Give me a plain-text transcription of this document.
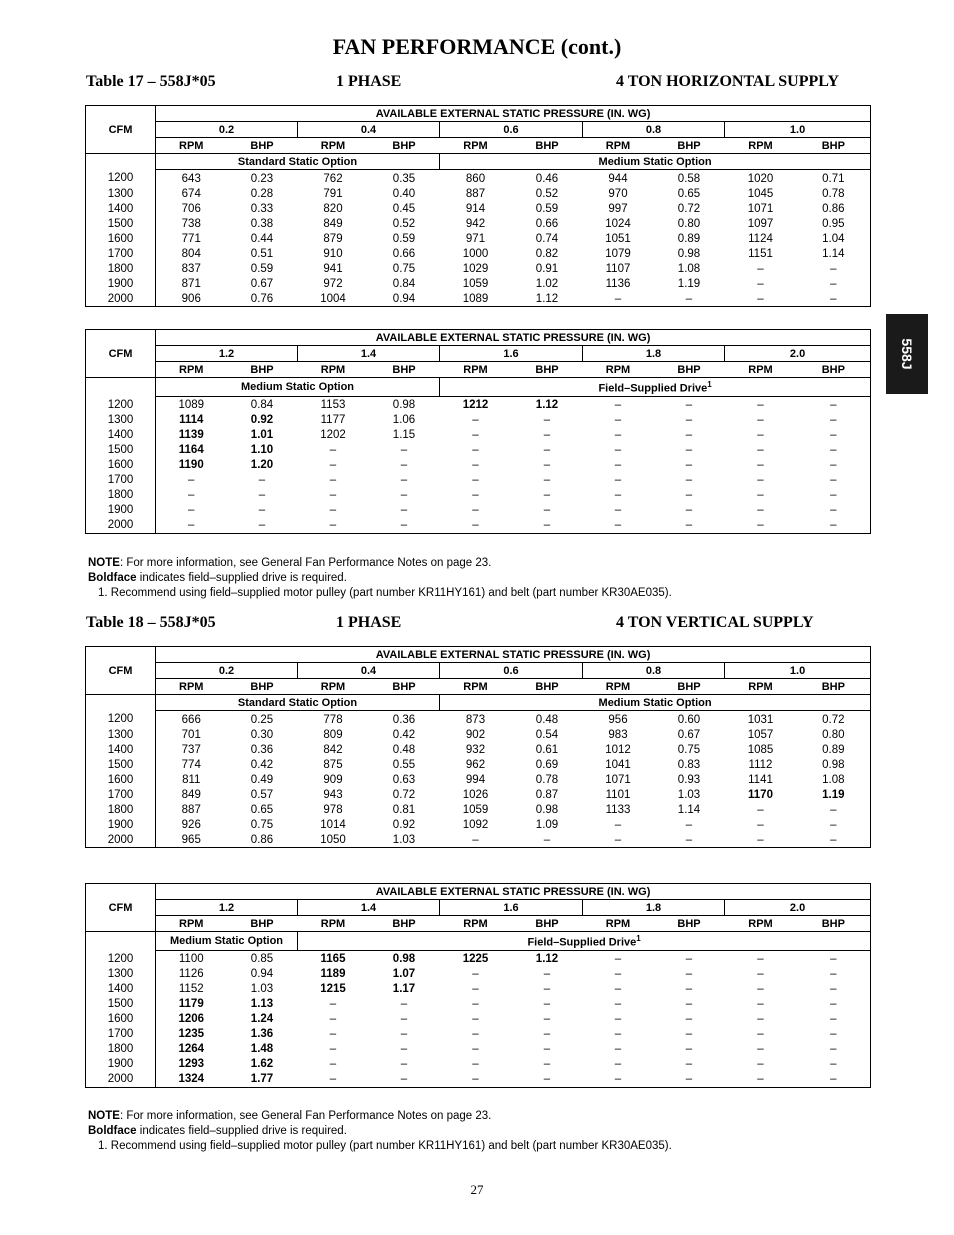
FAN PERFORMANCE (cont.)
Table 17 – 558J*05	1 PHASE	4 TON HORIZONTAL SUPPLY
CFM	AVAILABLE EXTERNAL STATIC PRESSURE (IN. WG)									
	0.2		0.4		0.6		0.8		1.0	
	RPM	BHP	RPM	BHP	RPM	BHP	RPM	BHP	RPM	BHP
	Standard Static Option				Medium Static Option					
1200	643	0.23	762	0.35	860	0.46	944	0.58	1020	0.71
1300	674	0.28	791	0.40	887	0.52	970	0.65	1045	0.78
1400	706	0.33	820	0.45	914	0.59	997	0.72	1071	0.86
1500	738	0.38	849	0.52	942	0.66	1024	0.80	1097	0.95
1600	771	0.44	879	0.59	971	0.74	1051	0.89	1124	1.04
1700	804	0.51	910	0.66	1000	0.82	1079	0.98	1151	1.14
1800	837	0.59	941	0.75	1029	0.91	1107	1.08	–	–
1900	871	0.67	972	0.84	1059	1.02	1136	1.19	–	–
2000	906	0.76	1004	0.94	1089	1.12	–	–	–	–
CFM	AVAILABLE EXTERNAL STATIC PRESSURE (IN. WG)									
	1.2		1.4		1.6		1.8		2.0	
	RPM	BHP	RPM	BHP	RPM	BHP	RPM	BHP	RPM	BHP
	Medium Static Option				Field–Supplied Drive$^1$
1200	1089	0.84	1153	0.98	1212	1.12	–	–	–	–
1300	1114	0.92	1177	1.06	–	–	–	–	–	–
1400	1139	1.01	1202	1.15	–	–	–	–	–	–
1500	1164	1.10	–	–	–	–	–	–	–	–
1600	1190	1.20	–	–	–	–	–	–	–	–
1700	–	–	–	–	–	–	–	–	–	–
1800	–	–	–	–	–	–	–	–	–	–
1900	–	–	–	–	–	–	–	–	–	–
2000	–	–	–	–	–	–	–	–	–	–
NOTE: For more information, see General Fan Performance Notes on page 23.
Boldface indicates field–supplied drive is required.
1. Recommend using field–supplied motor pulley (part number KR11HY161) and belt (part number KR30AE035).
Table 18 – 558J*05	1 PHASE	4 TON VERTICAL SUPPLY
CFM	AVAILABLE EXTERNAL STATIC PRESSURE (IN. WG)									
	0.2		0.4		0.6		0.8		1.0	
	RPM	BHP	RPM	BHP	RPM	BHP	RPM	BHP	RPM	BHP
	Standard Static Option				Medium Static Option					
1200	666	0.25	778	0.36	873	0.48	956	0.60	1031	0.72
1300	701	0.30	809	0.42	902	0.54	983	0.67	1057	0.80
1400	737	0.36	842	0.48	932	0.61	1012	0.75	1085	0.89
1500	774	0.42	875	0.55	962	0.69	1041	0.83	1112	0.98
1600	811	0.49	909	0.63	994	0.78	1071	0.93	1141	1.08
1700	849	0.57	943	0.72	1026	0.87	1101	1.03	1170	1.19
1800	887	0.65	978	0.81	1059	0.98	1133	1.14	–	–
1900	926	0.75	1014	0.92	1092	1.09	–	–	–	–
2000	965	0.86	1050	1.03	–	–	–	–	–	–
CFM	AVAILABLE EXTERNAL STATIC PRESSURE (IN. WG)									
	1.2		1.4		1.6		1.8		2.0	
	RPM	BHP	RPM	BHP	RPM	BHP	RPM	BHP	RPM	BHP
	Medium Static Option		Field–Supplied Drive$^1$
1200	1100	0.85	1165	0.98	1225	1.12	–	–	–	–
1300	1126	0.94	1189	1.07	–	–	–	–	–	–
1400	1152	1.03	1215	1.17	–	–	–	–	–	–
1500	1179	1.13	–	–	–	–	–	–	–	–
1600	1206	1.24	–	–	–	–	–	–	–	–
1700	1235	1.36	–	–	–	–	–	–	–	–
1800	1264	1.48	–	–	–	–	–	–	–	–
1900	1293	1.62	–	–	–	–	–	–	–	–
2000	1324	1.77	–	–	–	–	–	–	–	–
NOTE: For more information, see General Fan Performance Notes on page 23.
Boldface indicates field–supplied drive is required.
1. Recommend using field–supplied motor pulley (part number KR11HY161) and belt (part number KR30AE035).
558J
27
